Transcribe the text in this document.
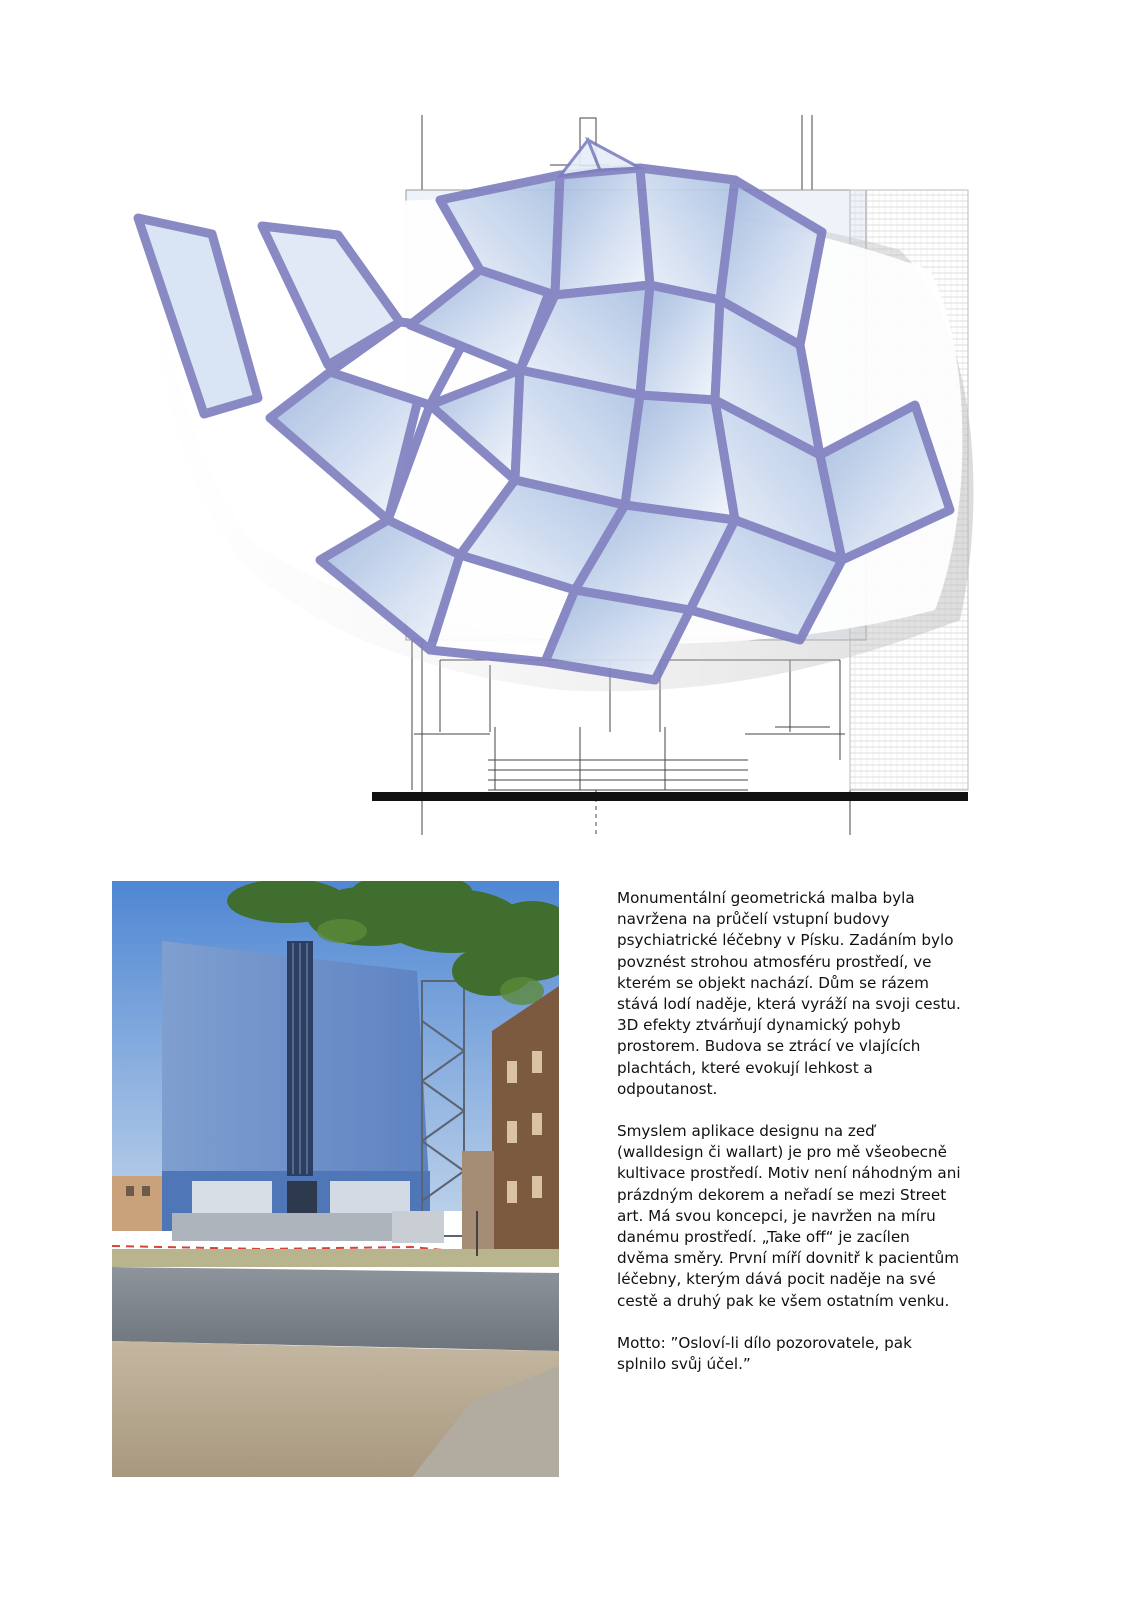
Monumentální geometrická malba byla navržena na průčelí vstupní budovy psychiatrické léčebny v Písku. Zadáním bylo povznést strohou atmosféru prostředí, ve kterém se objekt nachází. Dům se rázem stává lodí naděje, která vyráží na svoji cestu. 3D efekty ztvárňují dynamický pohyb prostorem. Budova se ztrácí ve vlajících plachtách, které evokují lehkost a odpoutanost.

Smyslem aplikace designu na zeď (walldesign či wallart) je pro mě všeobecně kultivace prostředí. Motiv není náhodným ani prázdným dekorem a neřadí se mezi Street art. Má svou koncepci, je navržen na míru danému prostředí. „Take off“ je zacílen dvěma směry. První míří dovnitř k pacientům léčebny, kterým dává pocit naděje na své cestě a druhý pak ke všem ostatním venku.

Motto: ”Osloví-li dílo pozorovatele, pak splnilo svůj účel.”
